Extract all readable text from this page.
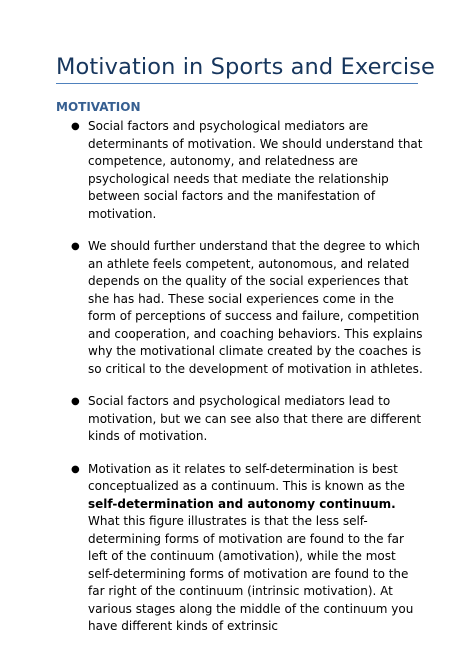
Motivation in Sports and Exercise
MOTIVATION
● Social factors and psychological mediators are determinants of motivation. We should understand that competence, autonomy, and relatedness are psychological needs that mediate the relationship between social factors and the manifestation of motivation.
● We should further understand that the degree to which an athlete feels competent, autonomous, and related depends on the quality of the social experiences that she has had. These social experiences come in the form of perceptions of success and failure, competition and cooperation, and coaching behaviors. This explains why the motivational climate created by the coaches is so critical to the development of motivation in athletes.
● Social factors and psychological mediators lead to motivation, but we can see also that there are different kinds of motivation.
● Motivation as it relates to self-determination is best conceptualized as a continuum. This is known as the self-determination and autonomy continuum. What this figure illustrates is that the less self-determining forms of motivation are found to the far left of the continuum (amotivation), while the most self-determining forms of motivation are found to the far right of the continuum (intrinsic motivation). At various stages along the middle of the continuum you have different kinds of extrinsic
